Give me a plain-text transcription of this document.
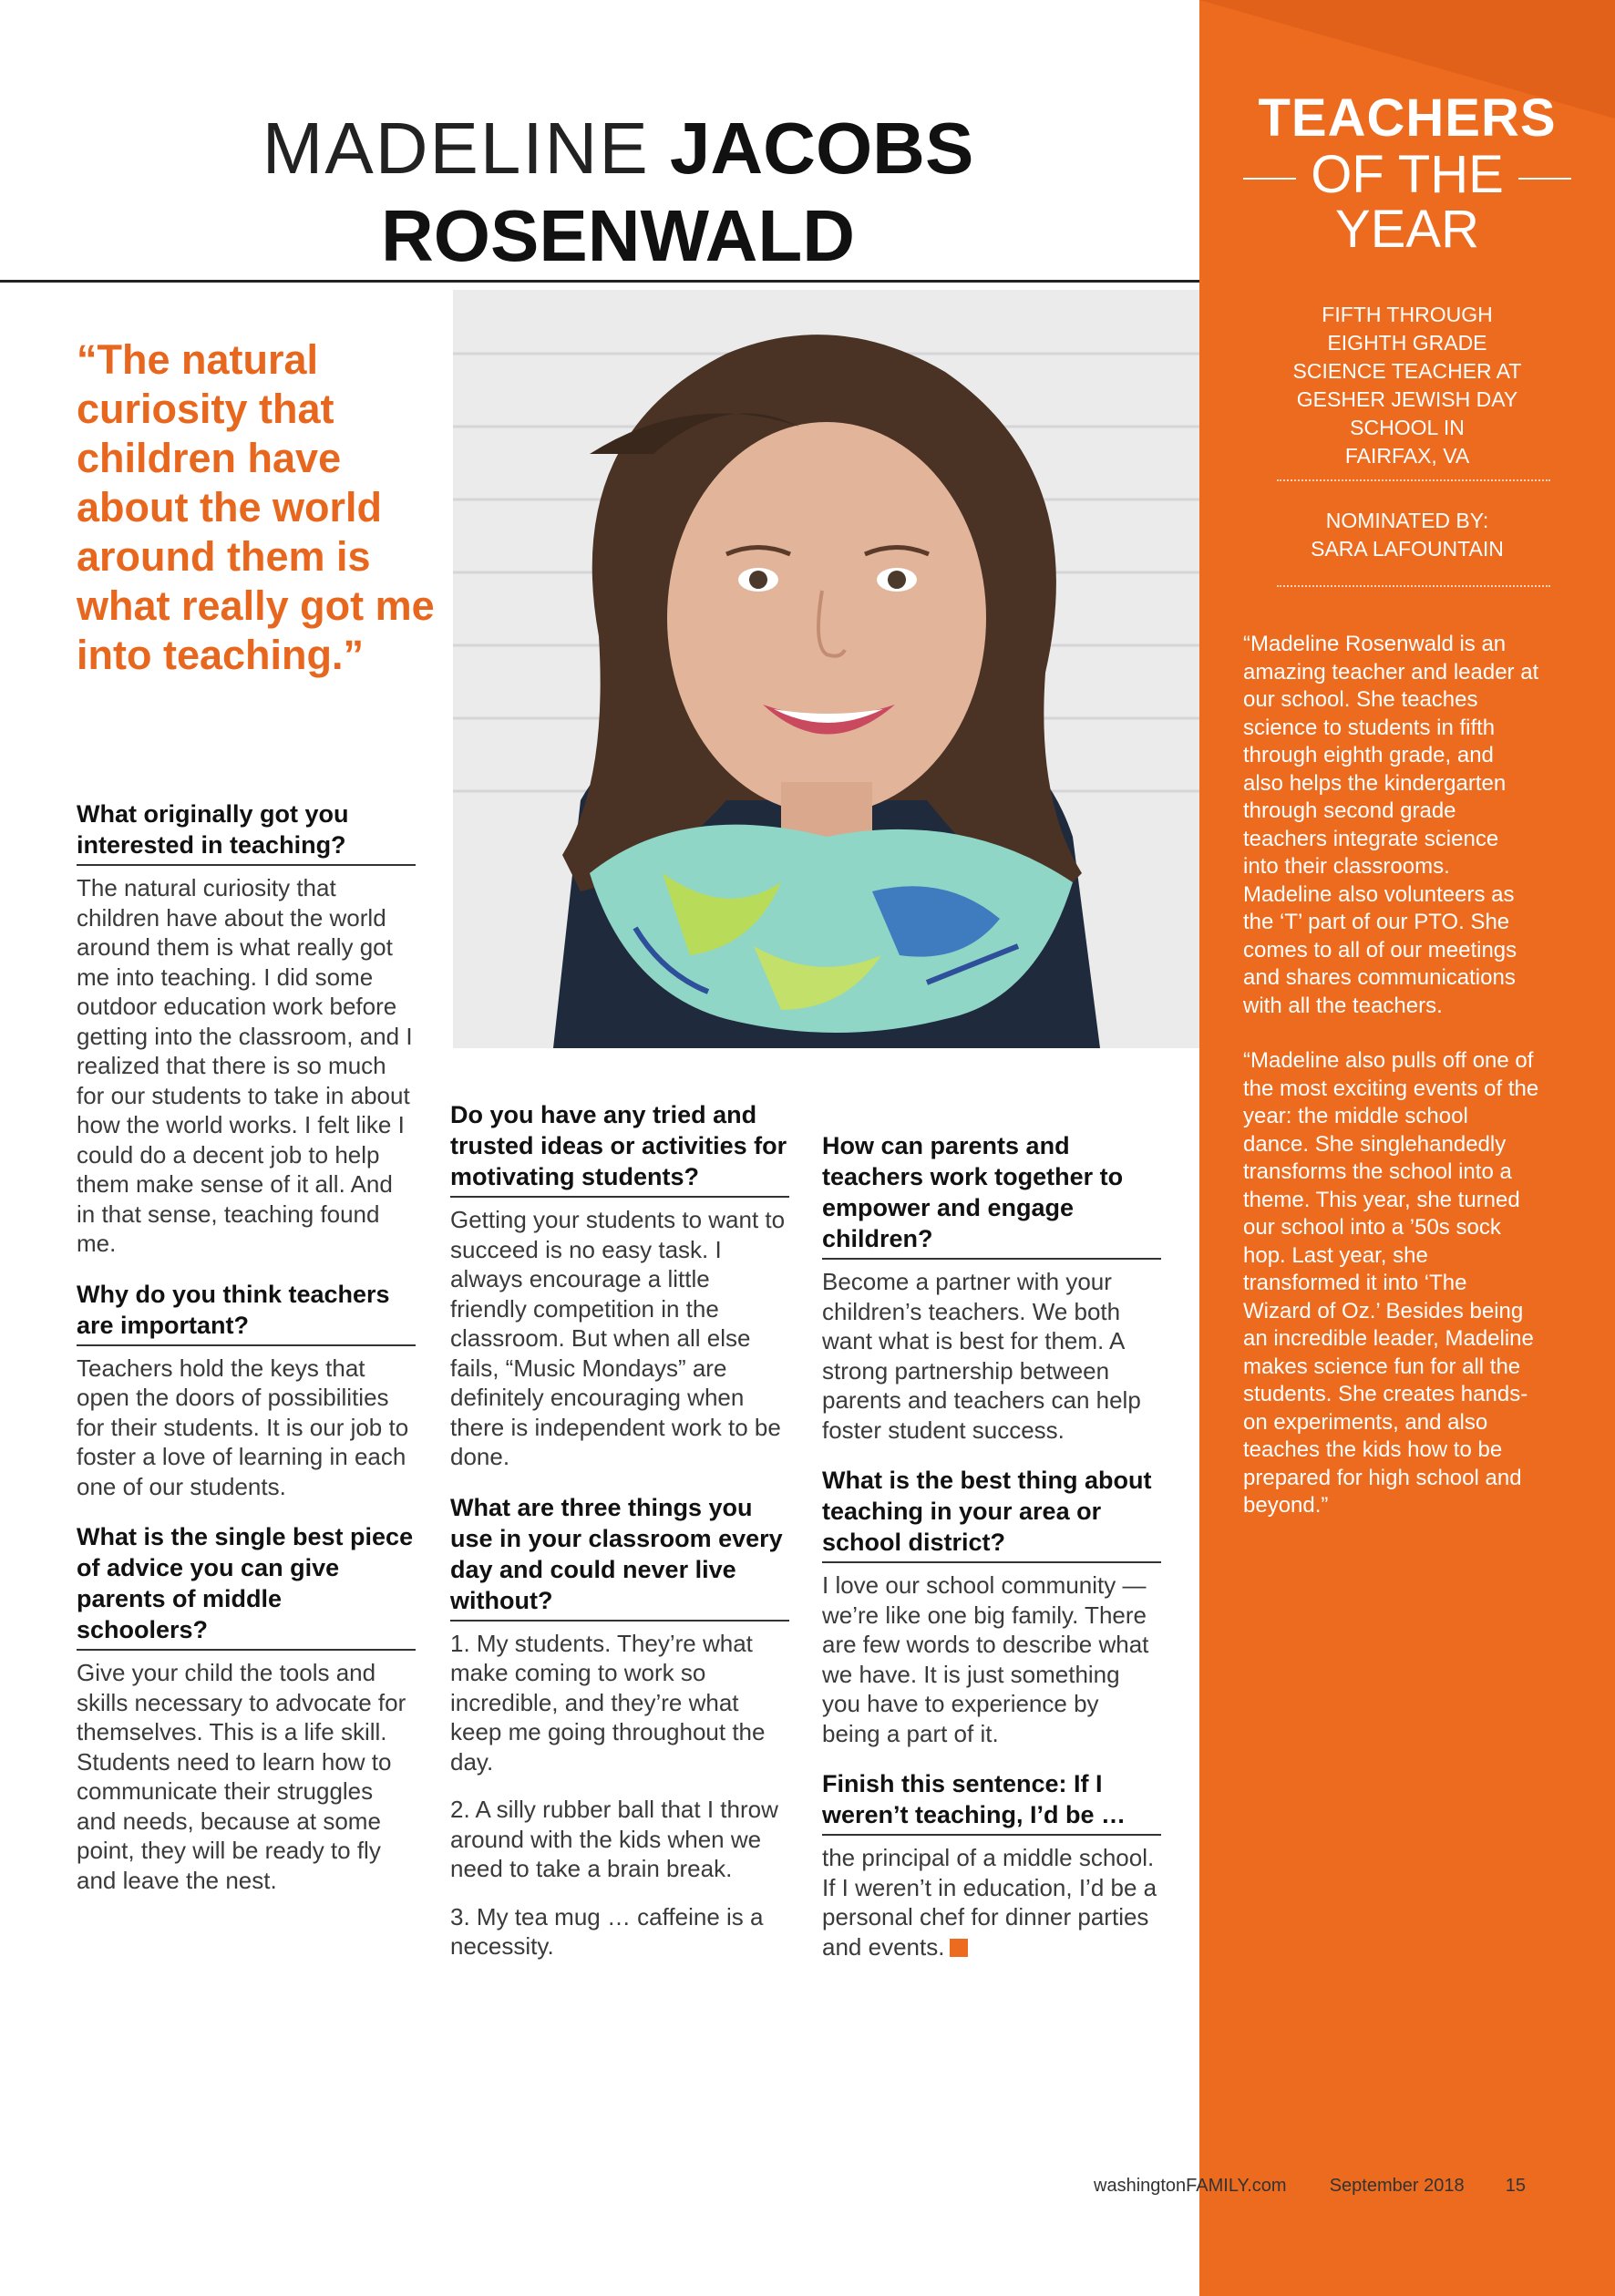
TEACHERS
OF THE
YEAR
FIFTH THROUGH
EIGHTH GRADE
SCIENCE TEACHER AT
GESHER JEWISH DAY
SCHOOL IN
FAIRFAX, VA
NOMINATED BY:
SARA LAFOUNTAIN

“Madeline Rosenwald is an amazing teacher and leader at our school. She teaches science to students in fifth through eighth grade, and also helps the kindergarten through second grade teachers integrate science into their classrooms. Madeline also volunteers as the ‘T’ part of our PTO. She comes to all of our meetings and shares communications with all the teachers.

“Madeline also pulls off one of the most exciting events of the year: the middle school dance. She singlehandedly transforms the school into a theme. This year, she turned our school into a ’50s sock hop. Last year, she transformed it into ‘The Wizard of Oz.’ Besides being an incredible leader, Madeline makes science fun for all the students. She creates hands-on experiments, and also teaches the kids how to be prepared for high school and beyond.”

MADELINE JACOBS
ROSENWALD
“The natural curiosity that children have about the world around them is what really got me into teaching.”
What originally got you interested in teaching?
The natural curiosity that children have about the world around them is what really got me into teaching. I did some outdoor education work before getting into the classroom, and I realized that there is so much for our students to take in about how the world works. I felt like I could do a decent job to help them make sense of it all. And in that sense, teaching found me.
Why do you think teachers are important?
Teachers hold the keys that open the doors of possibilities for their students. It is our job to foster a love of learning in each one of our students.
What is the single best piece of advice you can give parents of middle schoolers?
Give your child the tools and skills necessary to advocate for themselves. This is a life skill. Students need to learn how to communicate their struggles and needs, because at some point, they will be ready to fly and leave the nest.
Do you have any tried and trusted ideas or activities for motivating students?
Getting your students to want to succeed is no easy task. I always encourage a little friendly competition in the classroom. But when all else fails, “Music Mondays” are definitely encouraging when there is independent work to be done.
What are three things you use in your classroom every day and could never live without?
1. My students. They’re what make coming to work so incredible, and they’re what keep me going throughout the day.
2. A silly rubber ball that I throw around with the kids when we need to take a brain break.
3. My tea mug … caffeine is a necessity.
How can parents and teachers work together to empower and engage children?
Become a partner with your children’s teachers. We both want what is best for them. A strong partnership between parents and teachers can help foster student success.
What is the best thing about teaching in your area or school district?
I love our school community — we’re like one big family. There are few words to describe what we have. It is just something you have to experience by being a part of it.
Finish this sentence: If I weren’t teaching, I’d be …
the principal of a middle school. If I weren’t in education, I’d be a personal chef for dinner parties and events.
washingtonFAMILY.com September 2018 15
